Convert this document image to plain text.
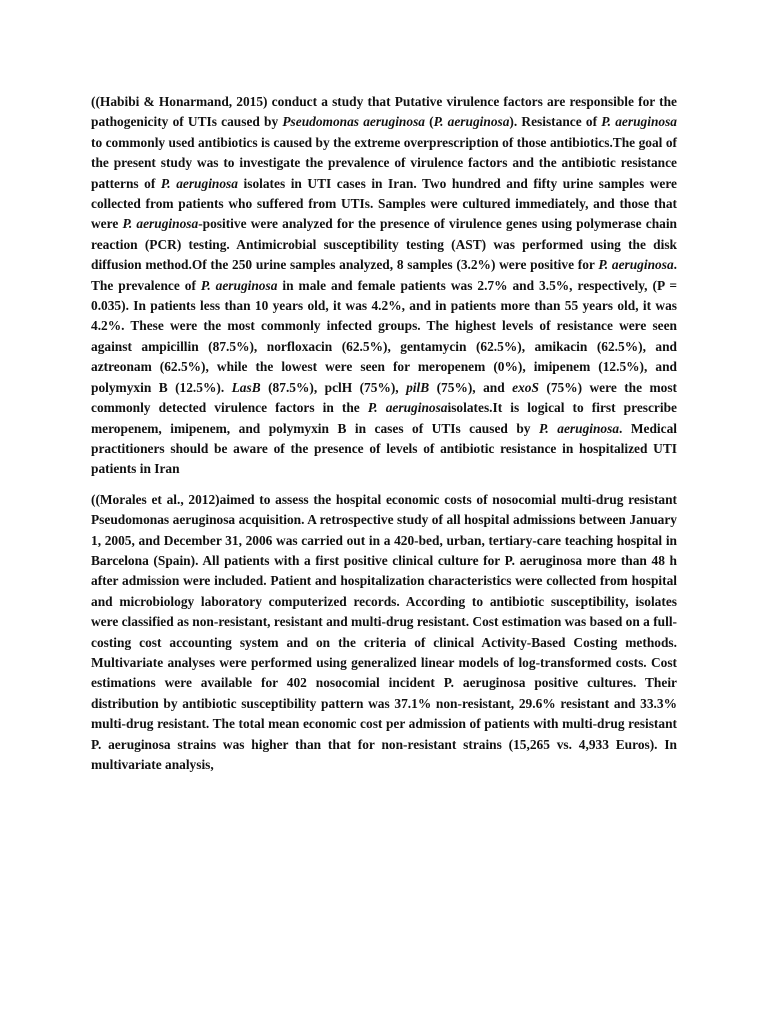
((Habibi & Honarmand, 2015) conduct a study that Putative virulence factors are responsible for the pathogenicity of UTIs caused by Pseudomonas aeruginosa (P. aeruginosa). Resistance of P. aeruginosa to commonly used antibiotics is caused by the extreme overprescription of those antibiotics.The goal of the present study was to investigate the prevalence of virulence factors and the antibiotic resistance patterns of P. aeruginosa isolates in UTI cases in Iran. Two hundred and fifty urine samples were collected from patients who suffered from UTIs. Samples were cultured immediately, and those that were P. aeruginosa-positive were analyzed for the presence of virulence genes using polymerase chain reaction (PCR) testing. Antimicrobial susceptibility testing (AST) was performed using the disk diffusion method.Of the 250 urine samples analyzed, 8 samples (3.2%) were positive for P. aeruginosa. The prevalence of P. aeruginosa in male and female patients was 2.7% and 3.5%, respectively, (P = 0.035). In patients less than 10 years old, it was 4.2%, and in patients more than 55 years old, it was 4.2%. These were the most commonly infected groups. The highest levels of resistance were seen against ampicillin (87.5%), norfloxacin (62.5%), gentamycin (62.5%), amikacin (62.5%), and aztreonam (62.5%), while the lowest were seen for meropenem (0%), imipenem (12.5%), and polymyxin B (12.5%). LasB (87.5%), pclH (75%), pilB (75%), and exoS (75%) were the most commonly detected virulence factors in the P. aeruginosaisolates.It is logical to first prescribe meropenem, imipenem, and polymyxin B in cases of UTIs caused by P. aeruginosa. Medical practitioners should be aware of the presence of levels of antibiotic resistance in hospitalized UTI patients in Iran

((Morales et al., 2012)aimed to assess the hospital economic costs of nosocomial multi-drug resistant Pseudomonas aeruginosa acquisition. A retrospective study of all hospital admissions between January 1, 2005, and December 31, 2006 was carried out in a 420-bed, urban, tertiary-care teaching hospital in Barcelona (Spain). All patients with a first positive clinical culture for P. aeruginosa more than 48 h after admission were included. Patient and hospitalization characteristics were collected from hospital and microbiology laboratory computerized records. According to antibiotic susceptibility, isolates were classified as non-resistant, resistant and multi-drug resistant. Cost estimation was based on a full-costing cost accounting system and on the criteria of clinical Activity-Based Costing methods. Multivariate analyses were performed using generalized linear models of log-transformed costs. Cost estimations were available for 402 nosocomial incident P. aeruginosa positive cultures. Their distribution by antibiotic susceptibility pattern was 37.1% non-resistant, 29.6% resistant and 33.3% multi-drug resistant. The total mean economic cost per admission of patients with multi-drug resistant P. aeruginosa strains was higher than that for non-resistant strains (15,265 vs. 4,933 Euros). In multivariate analysis,
